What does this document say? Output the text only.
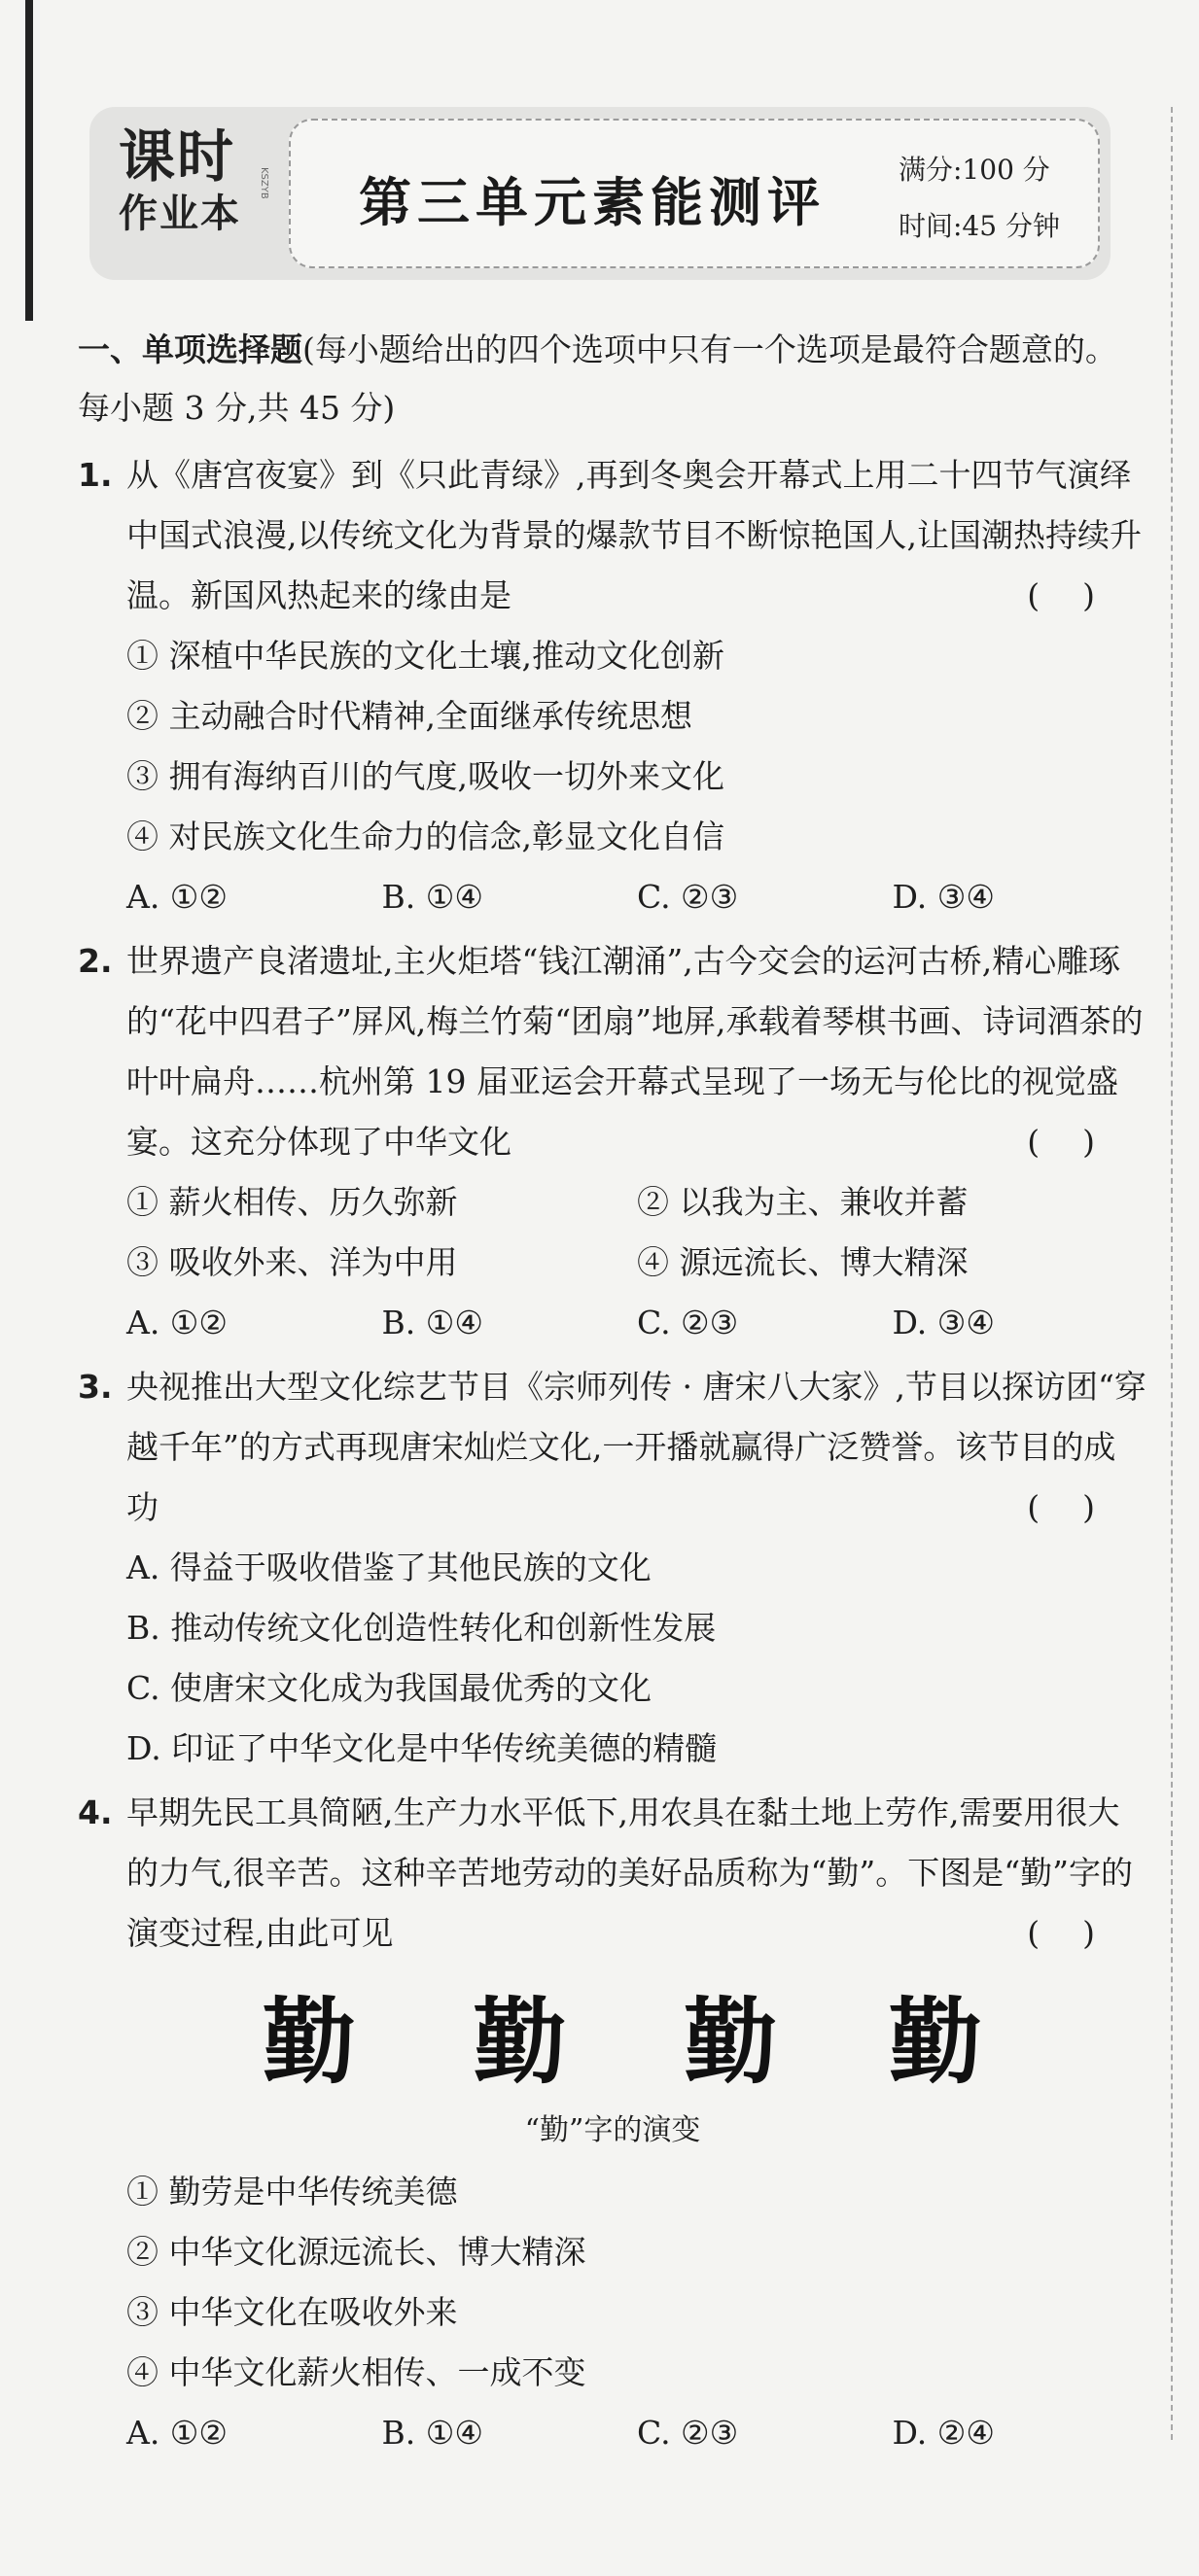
课时
作业本
KSZYB 第三单元素能测评
满分:100 分
时间:45 分钟
一、单项选择题(每小题给出的四个选项中只有一个选项是最符合题意的。每小题 3 分,共 45 分)
1. 从《唐宫夜宴》到《只此青绿》,再到冬奥会开幕式上用二十四节气演绎中国式浪漫,以传统文化为背景的爆款节目不断惊艳国人,让国潮热持续升温。新国风热起来的缘由是	()
① 深植中华民族的文化土壤,推动文化创新
② 主动融合时代精神,全面继承传统思想
③ 拥有海纳百川的气度,吸收一切外来文化
④ 对民族文化生命力的信念,彰显文化自信
A. ①②	B. ①④	C. ②③	D. ③④
2. 世界遗产良渚遗址,主火炬塔“钱江潮涌”,古今交会的运河古桥,精心雕琢的“花中四君子”屏风,梅兰竹菊“团扇”地屏,承载着琴棋书画、诗词酒茶的叶叶扁舟……杭州第 19 届亚运会开幕式呈现了一场无与伦比的视觉盛宴。这充分体现了中华文化	()
① 薪火相传、历久弥新	② 以我为主、兼收并蓄
③ 吸收外来、洋为中用	④ 源远流长、博大精深
A. ①②	B. ①④	C. ②③	D. ③④
3. 央视推出大型文化综艺节目《宗师列传 · 唐宋八大家》,节目以探访团“穿越千年”的方式再现唐宋灿烂文化,一开播就赢得广泛赞誉。该节目的成功	()
A. 得益于吸收借鉴了其他民族的文化
B. 推动传统文化创造性转化和创新性发展
C. 使唐宋文化成为我国最优秀的文化
D. 印证了中华文化是中华传统美德的精髓
4. 早期先民工具简陋,生产力水平低下,用农具在黏土地上劳作,需要用很大的力气,很辛苦。这种辛苦地劳动的美好品质称为“勤”。下图是“勤”字的演变过程,由此可见	()
勤 勤 勤 勤
“勤”字的演变
① 勤劳是中华传统美德
② 中华文化源远流长、博大精深
③ 中华文化在吸收外来
④ 中华文化薪火相传、一成不变
A. ①②	B. ①④	C. ②③	D. ②④
